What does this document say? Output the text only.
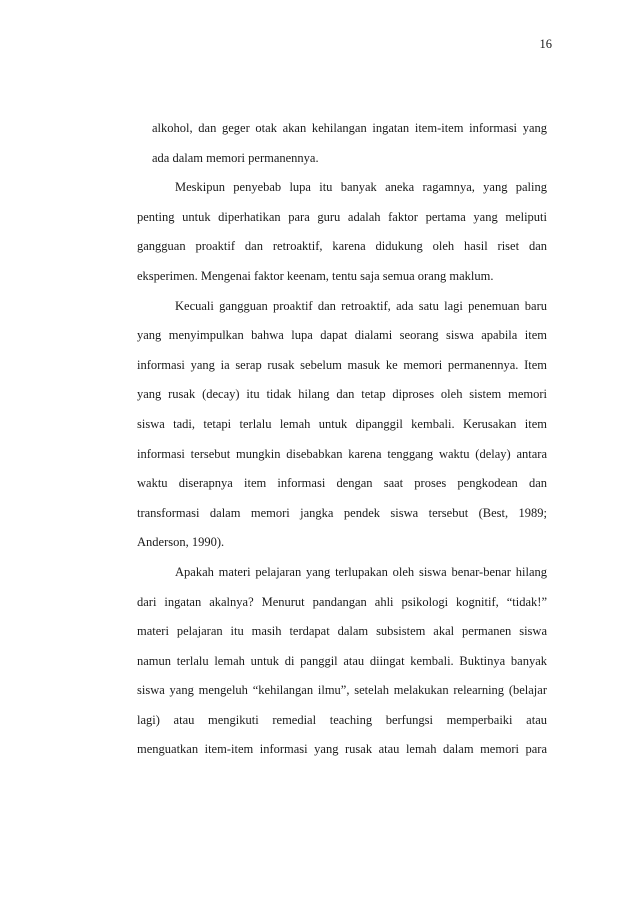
16
alkohol, dan geger otak akan kehilangan ingatan item-item informasi yang
ada dalam memori permanennya.
Meskipun penyebab lupa itu banyak aneka ragamnya, yang paling
penting untuk diperhatikan para guru adalah faktor pertama yang meliputi
gangguan proaktif dan retroaktif, karena didukung oleh hasil riset dan
eksperimen. Mengenai faktor keenam, tentu saja semua orang maklum.
Kecuali gangguan proaktif dan retroaktif, ada satu lagi penemuan baru
yang menyimpulkan bahwa lupa dapat dialami seorang siswa apabila item
informasi yang ia serap rusak sebelum masuk ke memori permanennya. Item
yang rusak (decay) itu tidak hilang dan tetap diproses oleh sistem memori
siswa tadi, tetapi terlalu lemah untuk dipanggil kembali. Kerusakan item
informasi tersebut mungkin disebabkan karena tenggang waktu (delay) antara
waktu diserapnya item informasi dengan saat proses pengkodean dan
transformasi dalam memori jangka pendek siswa tersebut (Best, 1989;
Anderson, 1990).
Apakah materi pelajaran yang terlupakan oleh siswa benar-benar hilang
dari ingatan akalnya? Menurut pandangan ahli psikologi kognitif, “tidak!”
materi pelajaran itu masih terdapat dalam subsistem akal permanen siswa
namun terlalu lemah untuk di panggil atau diingat kembali. Buktinya banyak
siswa yang mengeluh “kehilangan ilmu”, setelah melakukan relearning (belajar
lagi) atau mengikuti remedial teaching berfungsi memperbaiki atau
menguatkan item-item informasi yang rusak atau lemah dalam memori para
